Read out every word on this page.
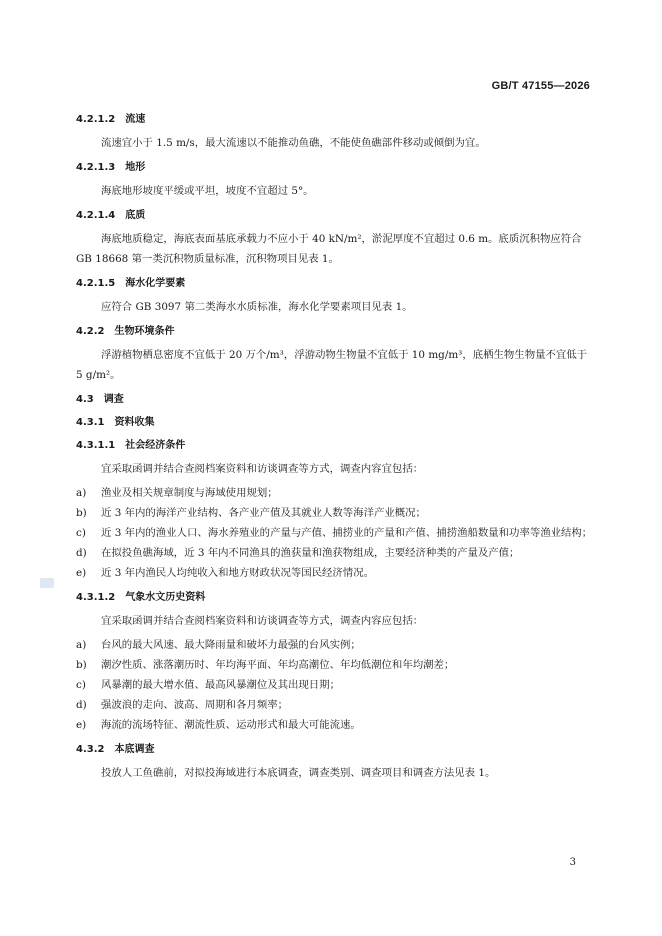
GB/T 47155—2026
4.2.1.2   流速

流速宜小于 1.5 m/s，最大流速以不能推动鱼礁，不能使鱼礁部件移动或倾倒为宜。

4.2.1.3   地形

海底地形坡度平缓或平坦，坡度不宜超过 5°。

4.2.1.4   底质

海底地质稳定，海底表面基底承载力不应小于 40 kN/m²，淤泥厚度不宜超过 0.6 m。底质沉积物应符合 GB 18668 第一类沉积物质量标准，沉积物项目见表 1。

4.2.1.5   海水化学要素

应符合 GB 3097 第二类海水水质标准，海水化学要素项目见表 1。

4.2.2   生物环境条件

浮游植物栖息密度不宜低于 20 万个/m³，浮游动物生物量不宜低于 10 mg/m³，底栖生物生物量不宜低于 5 g/m²。

4.3   调查
4.3.1   资料收集
4.3.1.1   社会经济条件

宜采取函调并结合查阅档案资料和访谈调查等方式，调查内容宜包括：

a)	渔业及相关规章制度与海域使用规划；
b)	近 3 年内的海洋产业结构、各产业产值及其就业人数等海洋产业概况；
c)	近 3 年内的渔业人口、海水养殖业的产量与产值、捕捞业的产量和产值、捕捞渔船数量和功率等渔业结构；
d)	在拟投鱼礁海域，近 3 年内不同渔具的渔获量和渔获物组成，主要经济种类的产量及产值；
e)	近 3 年内渔民人均纯收入和地方财政状况等国民经济情况。
4.3.1.2   气象水文历史资料

宜采取函调并结合查阅档案资料和访谈调查等方式，调查内容应包括：

a)	台风的最大风速、最大降雨量和破坏力最强的台风实例；
b)	潮汐性质、涨落潮历时、年均海平面、年均高潮位、年均低潮位和年均潮差；
c)	风暴潮的最大增水值、最高风暴潮位及其出现日期；
d)	强波浪的走向、波高、周期和各月频率；
e)	海流的流场特征、潮流性质、运动形式和最大可能流速。
4.3.2   本底调查

投放人工鱼礁前，对拟投海域进行本底调查，调查类别、调查项目和调查方法见表 1。

3
